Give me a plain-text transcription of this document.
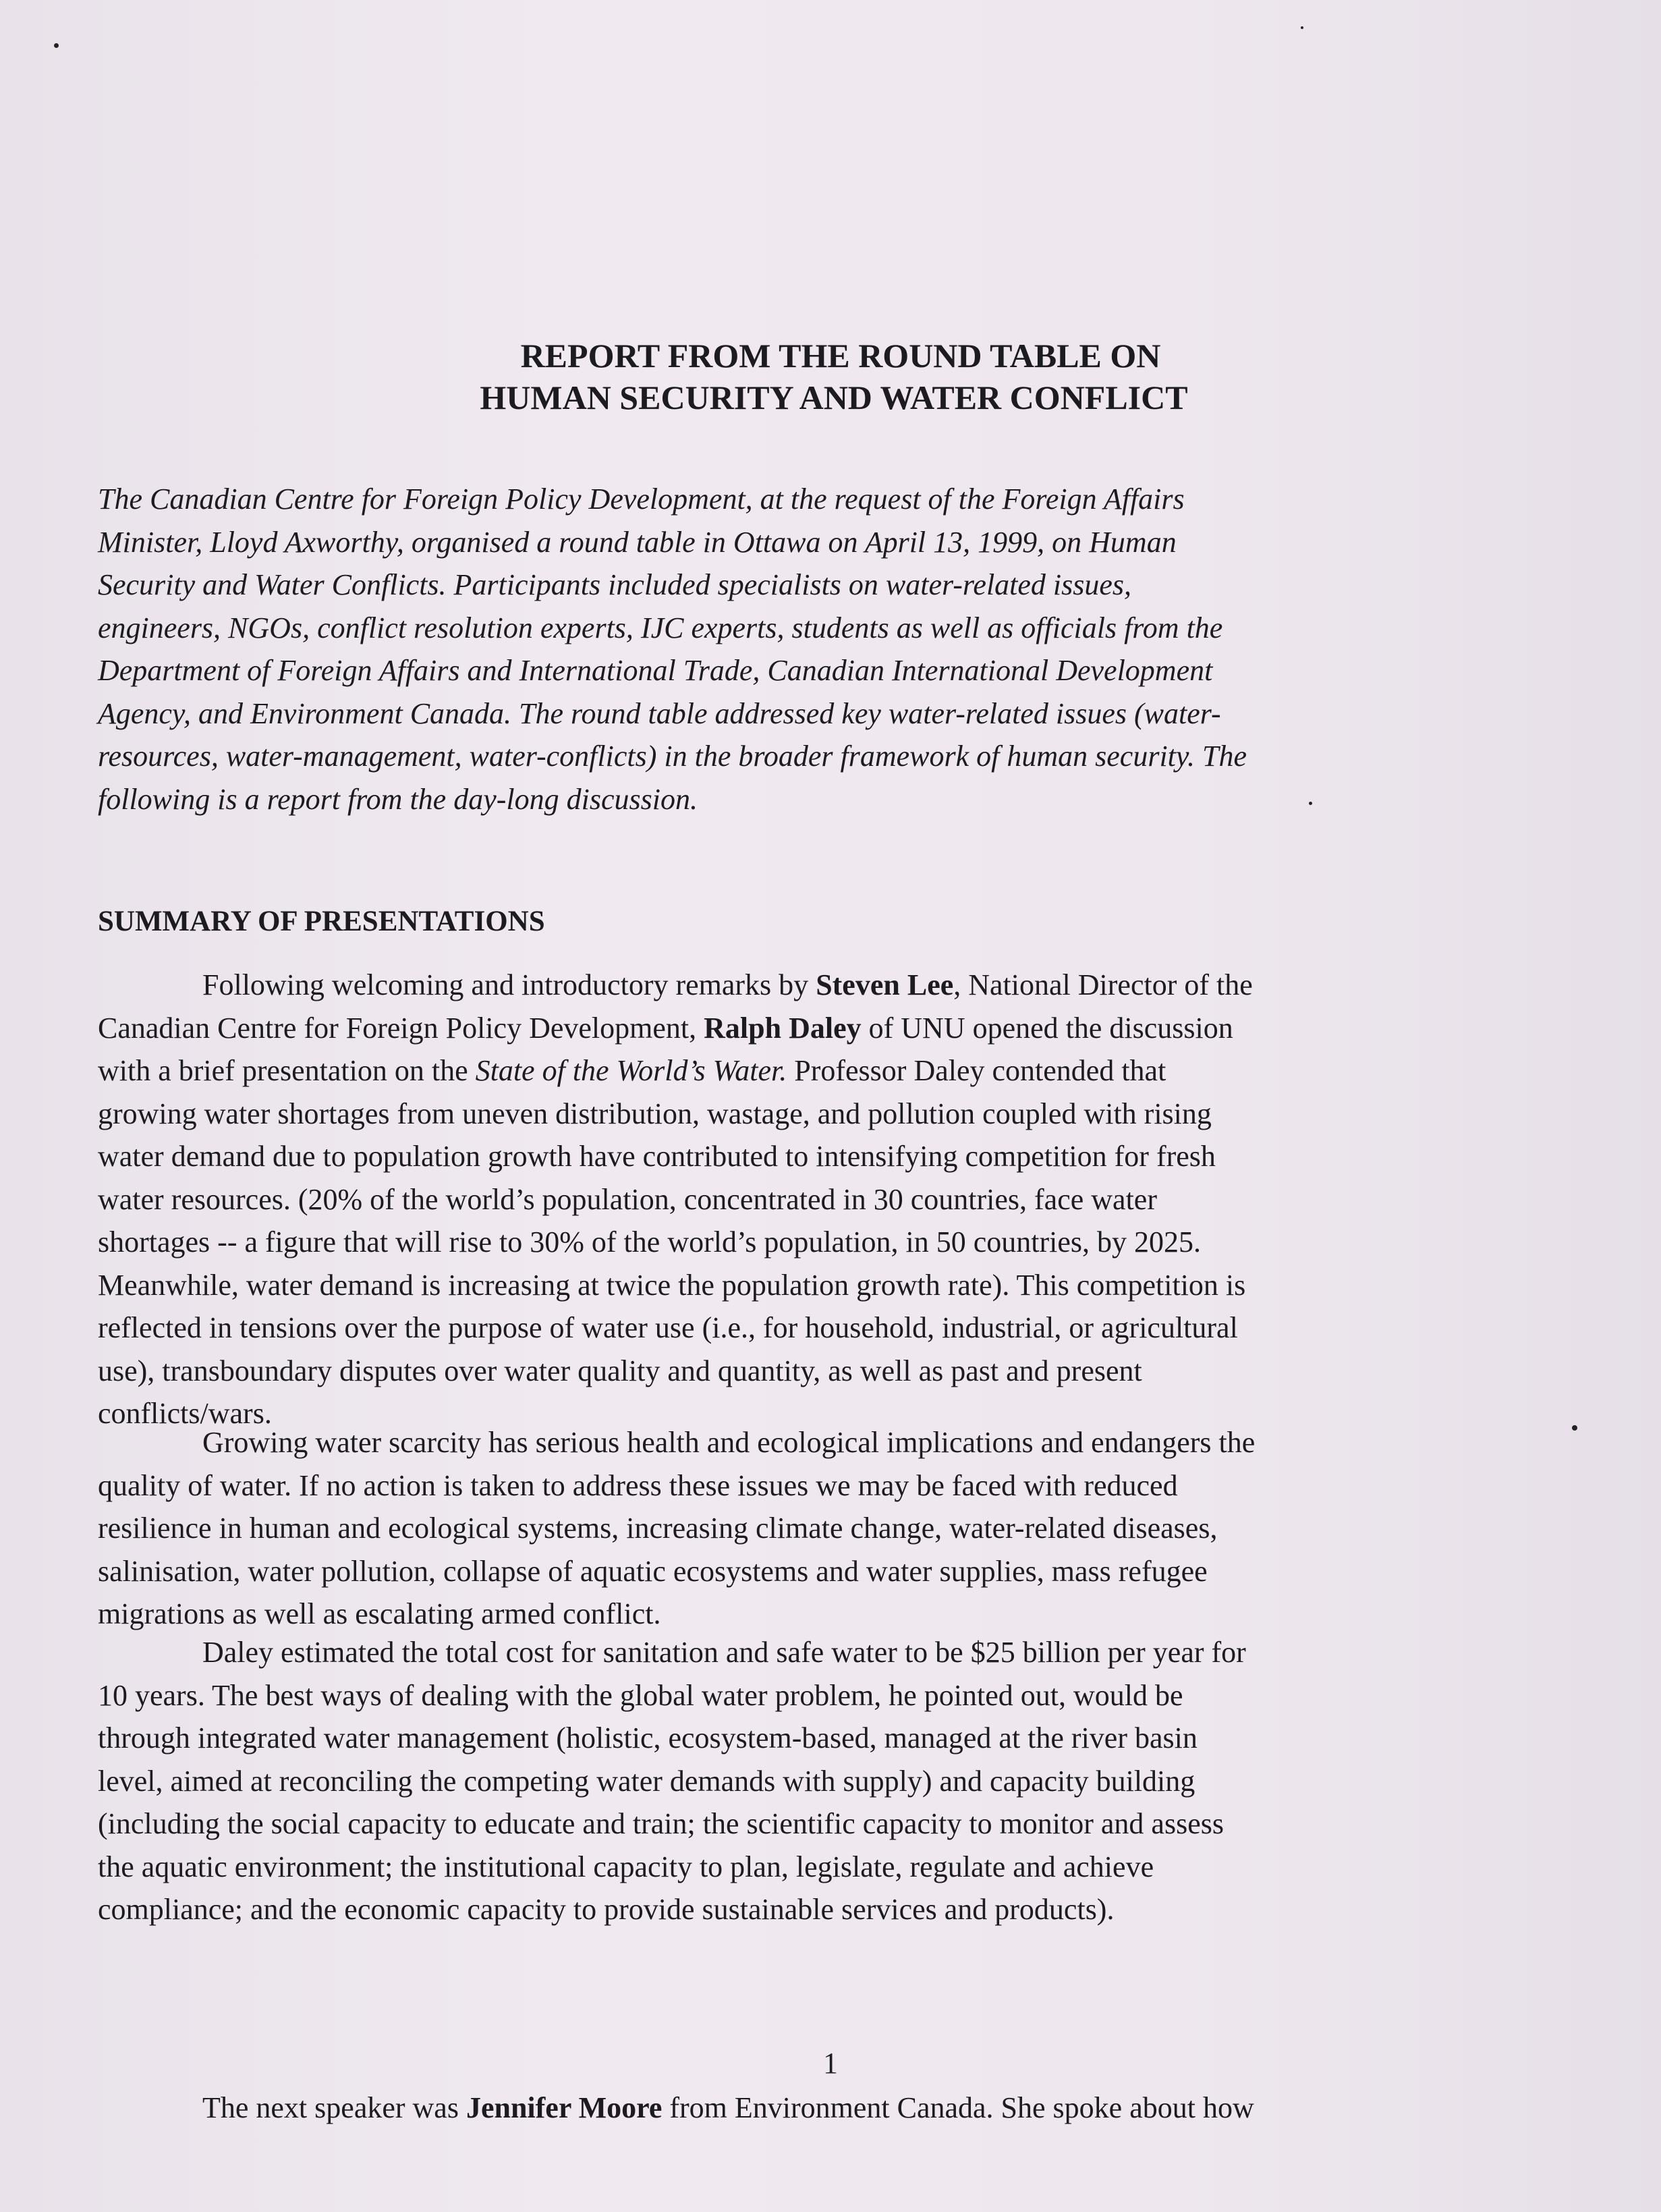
REPORT FROM THE ROUND TABLE ON
HUMAN SECURITY AND WATER CONFLICT
The Canadian Centre for Foreign Policy Development, at the request of the Foreign Affairs
Minister, Lloyd Axworthy, organised a round table in Ottawa on April 13, 1999, on Human
Security and Water Conflicts. Participants included specialists on water-related issues,
engineers, NGOs, conflict resolution experts, IJC experts, students as well as officials from the
Department of Foreign Affairs and International Trade, Canadian International Development
Agency, and Environment Canada. The round table addressed key water-related issues (water-
resources, water-management, water-conflicts) in the broader framework of human security. The
following is a report from the day-long discussion.
SUMMARY OF PRESENTATIONS
Following welcoming and introductory remarks by Steven Lee, National Director of the
Canadian Centre for Foreign Policy Development, Ralph Daley of UNU opened the discussion
with a brief presentation on the State of the World’s Water. Professor Daley contended that
growing water shortages from uneven distribution, wastage, and pollution coupled with rising
water demand due to population growth have contributed to intensifying competition for fresh
water resources. (20% of the world’s population, concentrated in 30 countries, face water
shortages -- a figure that will rise to 30% of the world’s population, in 50 countries, by 2025.
Meanwhile, water demand is increasing at twice the population growth rate). This competition is
reflected in tensions over the purpose of water use (i.e., for household, industrial, or agricultural
use), transboundary disputes over water quality and quantity, as well as past and present
conflicts/wars.
Growing water scarcity has serious health and ecological implications and endangers the
quality of water. If no action is taken to address these issues we may be faced with reduced
resilience in human and ecological systems, increasing climate change, water-related diseases,
salinisation, water pollution, collapse of aquatic ecosystems and water supplies, mass refugee
migrations as well as escalating armed conflict.
Daley estimated the total cost for sanitation and safe water to be $25 billion per year for
10 years. The best ways of dealing with the global water problem, he pointed out, would be
through integrated water management (holistic, ecosystem-based, managed at the river basin
level, aimed at reconciling the competing water demands with supply) and capacity building
(including the social capacity to educate and train; the scientific capacity to monitor and assess
the aquatic environment; the institutional capacity to plan, legislate, regulate and achieve
compliance; and the economic capacity to provide sustainable services and products).
1
The next speaker was Jennifer Moore from Environment Canada. She spoke about how
